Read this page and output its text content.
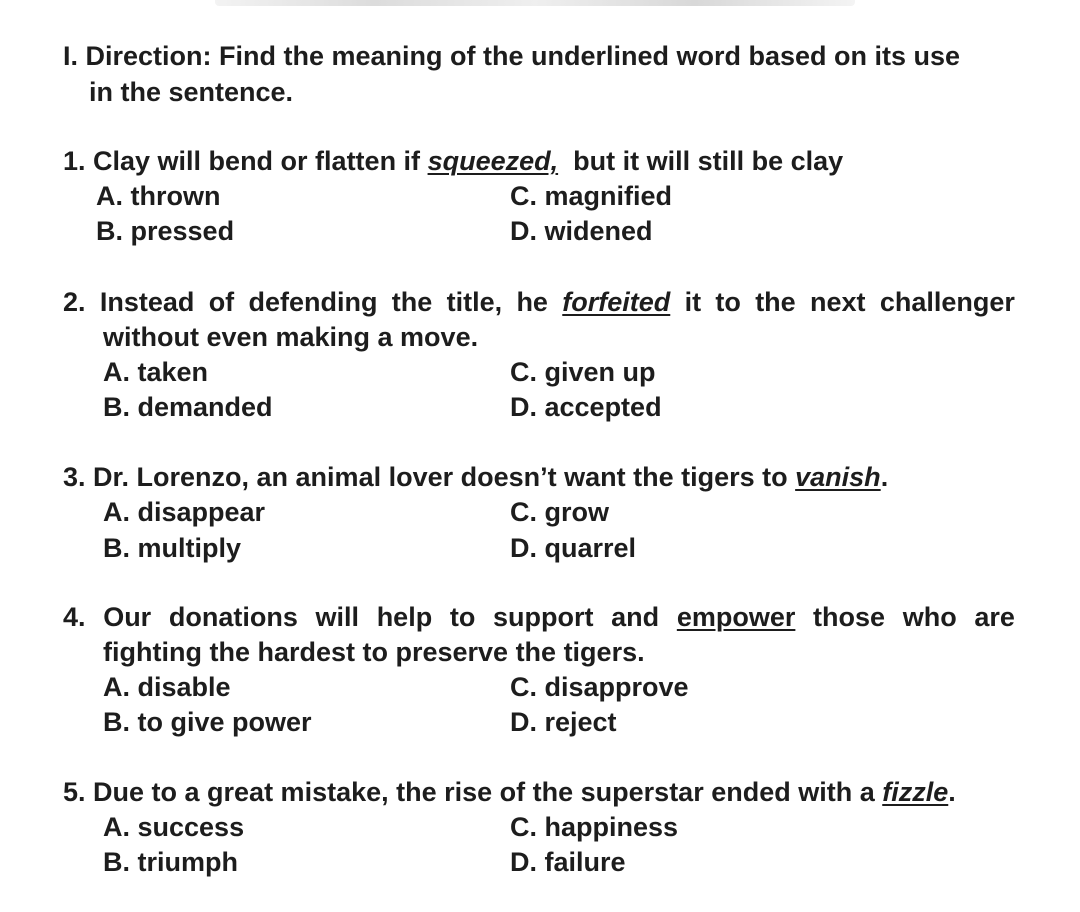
I. Direction: Find the meaning of the underlined word based on its use
in the sentence.
1. Clay will bend or flatten if squeezed,  but it will still be clay
A. thrown
B. pressed
C. magnified
D. widened
2. Instead of defending the title, he forfeited it to the next challenger
without even making a move.
A. taken
B. demanded
C. given up
D. accepted
3. Dr. Lorenzo, an animal lover doesn’t want the tigers to vanish.
A. disappear
B. multiply
C. grow
D. quarrel
4. Our donations will help to support and empower those who are
fighting the hardest to preserve the tigers.
A. disable
B. to give power
C. disapprove
D. reject
5. Due to a great mistake, the rise of the superstar ended with a fizzle.
A. success
B. triumph
C. happiness
D. failure
